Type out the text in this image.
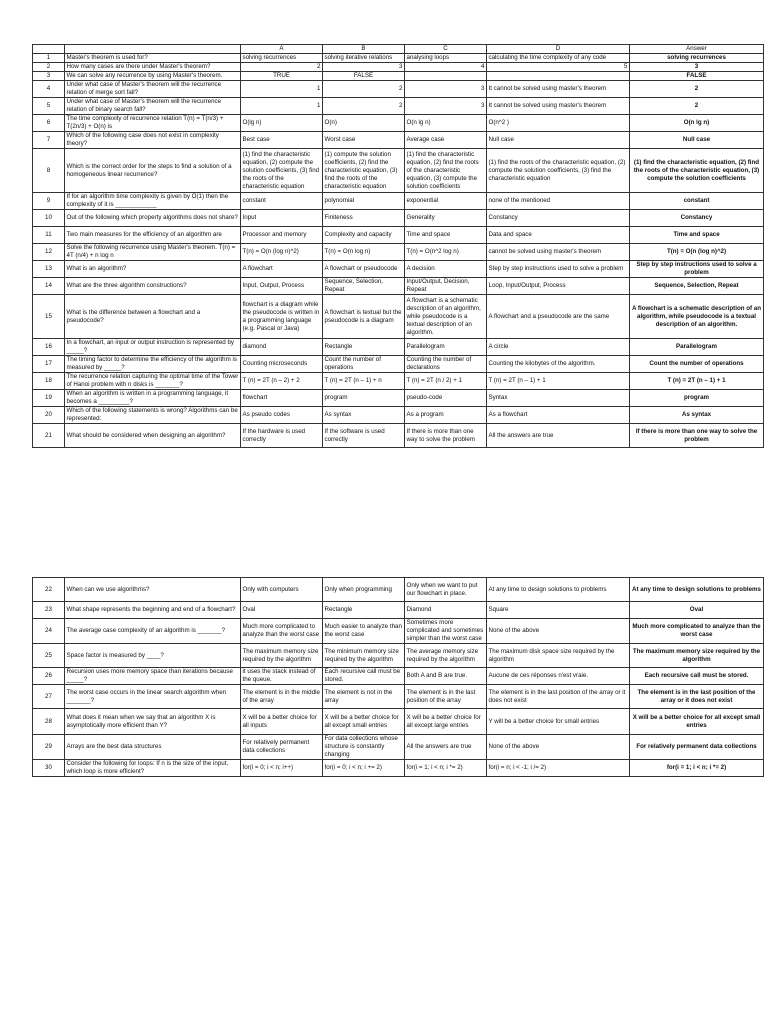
		A	B	C	D	Answer
1	Master's theorem is used for?	solving recurrences	solving iterative relations	analysing loops	calculating the time complexity of any code	solving recurrences
2	How many cases are there under Master's theorem?	2	3	4	5	3
3	We can solve any recurrence by using Master's theorem.	TRUE	FALSE			FALSE
4	Under what case of Master's theorem will the recurrence relation of merge sort fall?	1	2	3	It cannot be solved using master's theorem	2
5	Under what case of Master's theorem will the recurrence relation of binary search fall?	1	2	3	It cannot be solved using master's theorem	2
6	The time complexity of recurrence relation T(n) = T(n/3) + T(2n/3) + O(n) is	O(lg n)	O(n)	O(n lg n)	O(n^2 )	O(n lg n)
7	Which of the following case does not exist in complexity theory?	Best case	Worst case	Average case	Null case	Null case
8	Which is the correct order for the steps to find a solution of a homogeneous linear recurrence?	(1) find the characteristic equation, (2) compute the solution coefficients, (3) find the roots of the characteristic equation	(1) compute the solution coefficients, (2) find the characteristic equation, (3) find the roots of the characteristic equation	(1) find the characteristic equation, (2) find the roots of the characteristic equation, (3) compute the solution coefficients	(1) find the roots of the characteristic equation, (2) compute the solution coefficients, (3) find the characteristic equation	(1) find the characteristic equation, (2) find the roots of the characteristic equation, (3) compute the solution coefficients
9	If for an algorithm time complexity is given by O(1) then the complexity of it is ____________	constant	polynomial	exponential	none of the mentioned	constant
10	Out of the following which property algorithms does not share?	Input	Finiteness	Generality	Constancy	Constancy
11	Two main measures for the efficiency of an algorithm are	Processor and memory	Complexity and capacity	Time and space	Data and space	Time and space
12	Solve the following recurrence using Master's theorem. T(n) = 4T (n/4) + n log n	T(n) = O(n (log n)^2)	T(n) = O(n log n)	T(n) = O(n^2 log n)	cannot be solved using master's theorem	T(n) = O(n (log n)^2)
13	What is an algorithm?	A flowchart	A flowchart or pseudocode	A decision	Step by step instructions used to solve a problem	Step by step instructions used to solve a problem
14	What are the three algorithm constructions?	Input, Output, Process	Sequence, Selection, Repeat	Input/Output, Decision, Repeat	Loop, Input/Output, Process	Sequence, Selection, Repeat
15	What is the difference between a flowchart and a pseudocode?	flowchart is a diagram while the pseudocode is written in a programming language (e.g. Pascal or Java)	A flowchart is textual but the pseudocode is a diagram	A flowchart is a schematic description of an algorithm, while pseudocode is a textual description of an algorithm.	A flowchart and a pseudocode are the same	A flowchart is a schematic description of an algorithm, while pseudocode is a textual description of an algorithm.
16	In a flowchart, an input or output instruction is represented by _____?	diamond	Rectangle	Parallelogram	A circle	Parallelogram
17	The timing factor to determine the efficiency of the algorithm is measured by _____?	Counting microseconds	Count the number of operations	Counting the number of declarations	Counting the kilobytes of the algorithm.	Count the number of operations
18	The recurrence relation capturing the optimal time of the Tower of Hanoi problem with n disks is _______?	T (n) = 2T (n – 2) + 2	T (n) = 2T (n – 1) + n	T (n) = 2T (n / 2) + 1	T (n) = 2T (n – 1) + 1	T (n) = 2T (n – 1) + 1
19	When an algorithm is written in a programming language, it becomes a _________?	flowchart	program	pseudo-code	Syntax	program
20	Which of the following statements is wrong? Algorithms can be represented:	As pseudo codes	As syntax	As a program	As a flowchart	As syntax
21	What should be considered when designing an algorithm?	If the hardware is used correctly	If the software is used correctly	If there is more than one way to solve the problem	All the answers are true	If there is more than one way to solve the problem
22	When can we use algorithms?	Only with computers	Only when programming	Only when we want to put our flowchart in place.	At any time to design solutions to problems	At any time to design solutions to problems
23	What shape represents the beginning and end of a flowchart?	Oval	Rectangle	Diamond	Square	Oval
24	The average case complexity of an algorithm is _______?	Much more complicated to analyze than the worst case	Much easier to analyze than the worst case	Sometimes more complicated and sometimes simpler than the worst case	None of the above	Much more complicated to analyze than the worst case
25	Space factor is measured by ____?	The maximum memory size required by the algorithm	The minimum memory size required by the algorithm	The average memory size required by the algorithm	The maximum disk space size required by the algorithm	The maximum memory size required by the algorithm
26	Recursion uses more memory space than iterations because _____?	it uses the stack instead of the queue.	Each recursive call must be stored.	Both A and B are true.	Aucune de ces réponses n'est vraie.	Each recursive call must be stored.
27	The worst case occurs in the linear search algorithm when _______?	The element is in the middle of the array	The element is not in the array	The element is in the last position of the array	The element is in the last position of the array or it does not exist	The element is in the last position of the array or it does not exist
28	What does it mean when we say that an algorithm X is asymptotically more efficient than Y?	X will be a better choice for all inputs	X will be a better choice for all except small entries	X will be a better choice for all except large entries	Y will be a better choice for small entries	X will be a better choice for all except small entries
29	Arrays are the best data structures	For relatively permanent data collections	For data collections whose structure is constantly changing	All the answers are true	None of the above	For relatively permanent data collections
30	Consider the following for loops: If n is the size of the input, which loop is more efficient?	for(i = 0; i < n; i++)	for(i = 0; i < n; i += 2)	for(i = 1; i < n; i *= 2)	for(i = n; i < -1; i /= 2)	for(i = 1; i < n; i *= 2)
